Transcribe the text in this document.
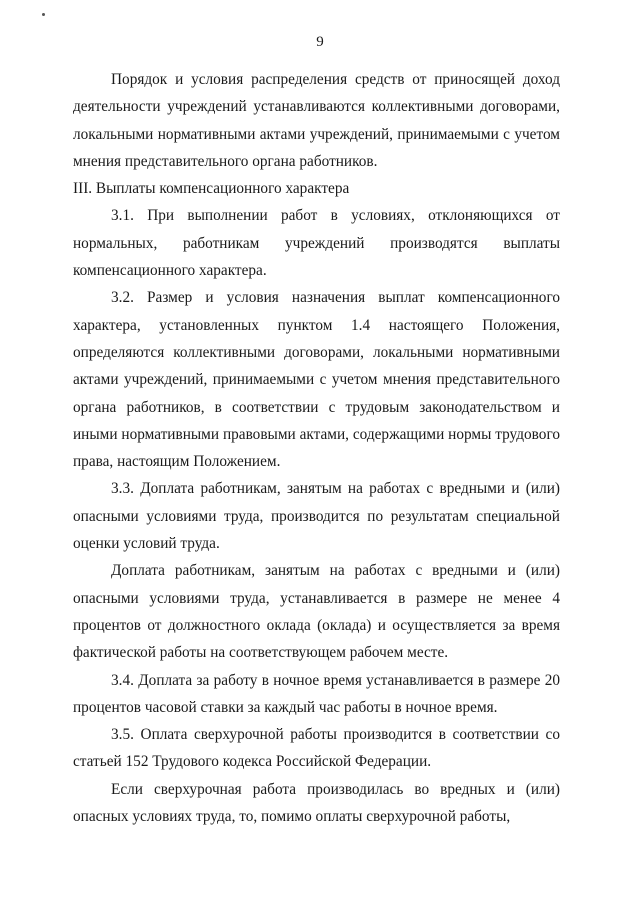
9

Порядок и условия распределения средств от приносящей доход деятельности учреждений устанавливаются коллективными договорами, локальными нормативными актами учреждений, принимаемыми с учетом мнения представительного органа работников.

III. Выплаты компенсационного характера

3.1. При выполнении работ в условиях, отклоняющихся от нормальных, работникам учреждений производятся выплаты компенсационного характера.

3.2. Размер и условия назначения выплат компенсационного характера, установленных пунктом 1.4 настоящего Положения, определяются коллективными договорами, локальными нормативными актами учреждений, принимаемыми с учетом мнения представительного органа работников, в соответствии с трудовым законодательством и иными нормативными правовыми актами, содержащими нормы трудового права, настоящим Положением.

3.3. Доплата работникам, занятым на работах с вредными и (или) опасными условиями труда, производится по результатам специальной оценки условий труда.

Доплата работникам, занятым на работах с вредными и (или) опасными условиями труда, устанавливается в размере не менее 4 процентов от должностного оклада (оклада) и осуществляется за время фактической работы на соответствующем рабочем месте.

3.4. Доплата за работу в ночное время устанавливается в размере 20 процентов часовой ставки за каждый час работы в ночное время.

3.5. Оплата сверхурочной работы производится в соответствии со статьей 152 Трудового кодекса Российской Федерации.

Если сверхурочная работа производилась во вредных и (или) опасных условиях труда, то, помимо оплаты сверхурочной работы,
